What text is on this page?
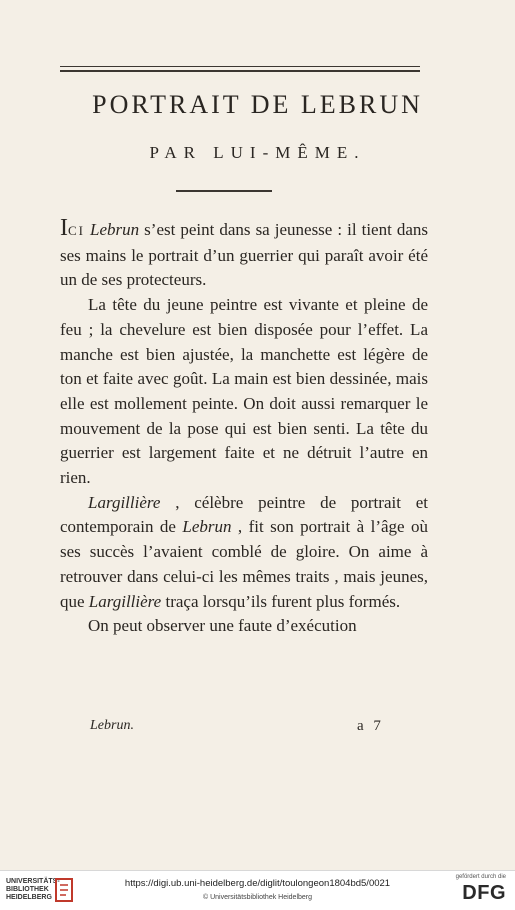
PORTRAIT DE LEBRUN
PAR LUI-MÊME.

ICI Lebrun s’est peint dans sa jeunesse : il tient dans ses mains le portrait d’un guerrier qui paraît avoir été un de ses protecteurs.

La tête du jeune peintre est vivante et pleine de feu ; la chevelure est bien disposée pour l’effet. La manche est bien ajustée, la manchette est légère de ton et faite avec goût. La main est bien dessinée, mais elle est mollement peinte. On doit aussi remarquer le mouvement de la pose qui est bien senti. La tête du guerrier est largement faite et ne détruit l’autre en rien.

Largillière , célèbre peintre de portrait et contemporain de Lebrun , fit son portrait à l’âge où ses succès l’avaient comblé de gloire. On aime à retrouver dans celui-ci les mêmes traits , mais jeunes, que Largillière traça lorsqu’ils furent plus formés.

On peut observer une faute d’exécution

Lebrun.	a 7
UNIVERSITÄTS-
BIBLIOTHEK
HEIDELBERG
https://digi.ub.uni-heidelberg.de/diglit/toulongeon1804bd5/0021
© Universitätsbibliothek Heidelberg
gefördert durch die
DFG
